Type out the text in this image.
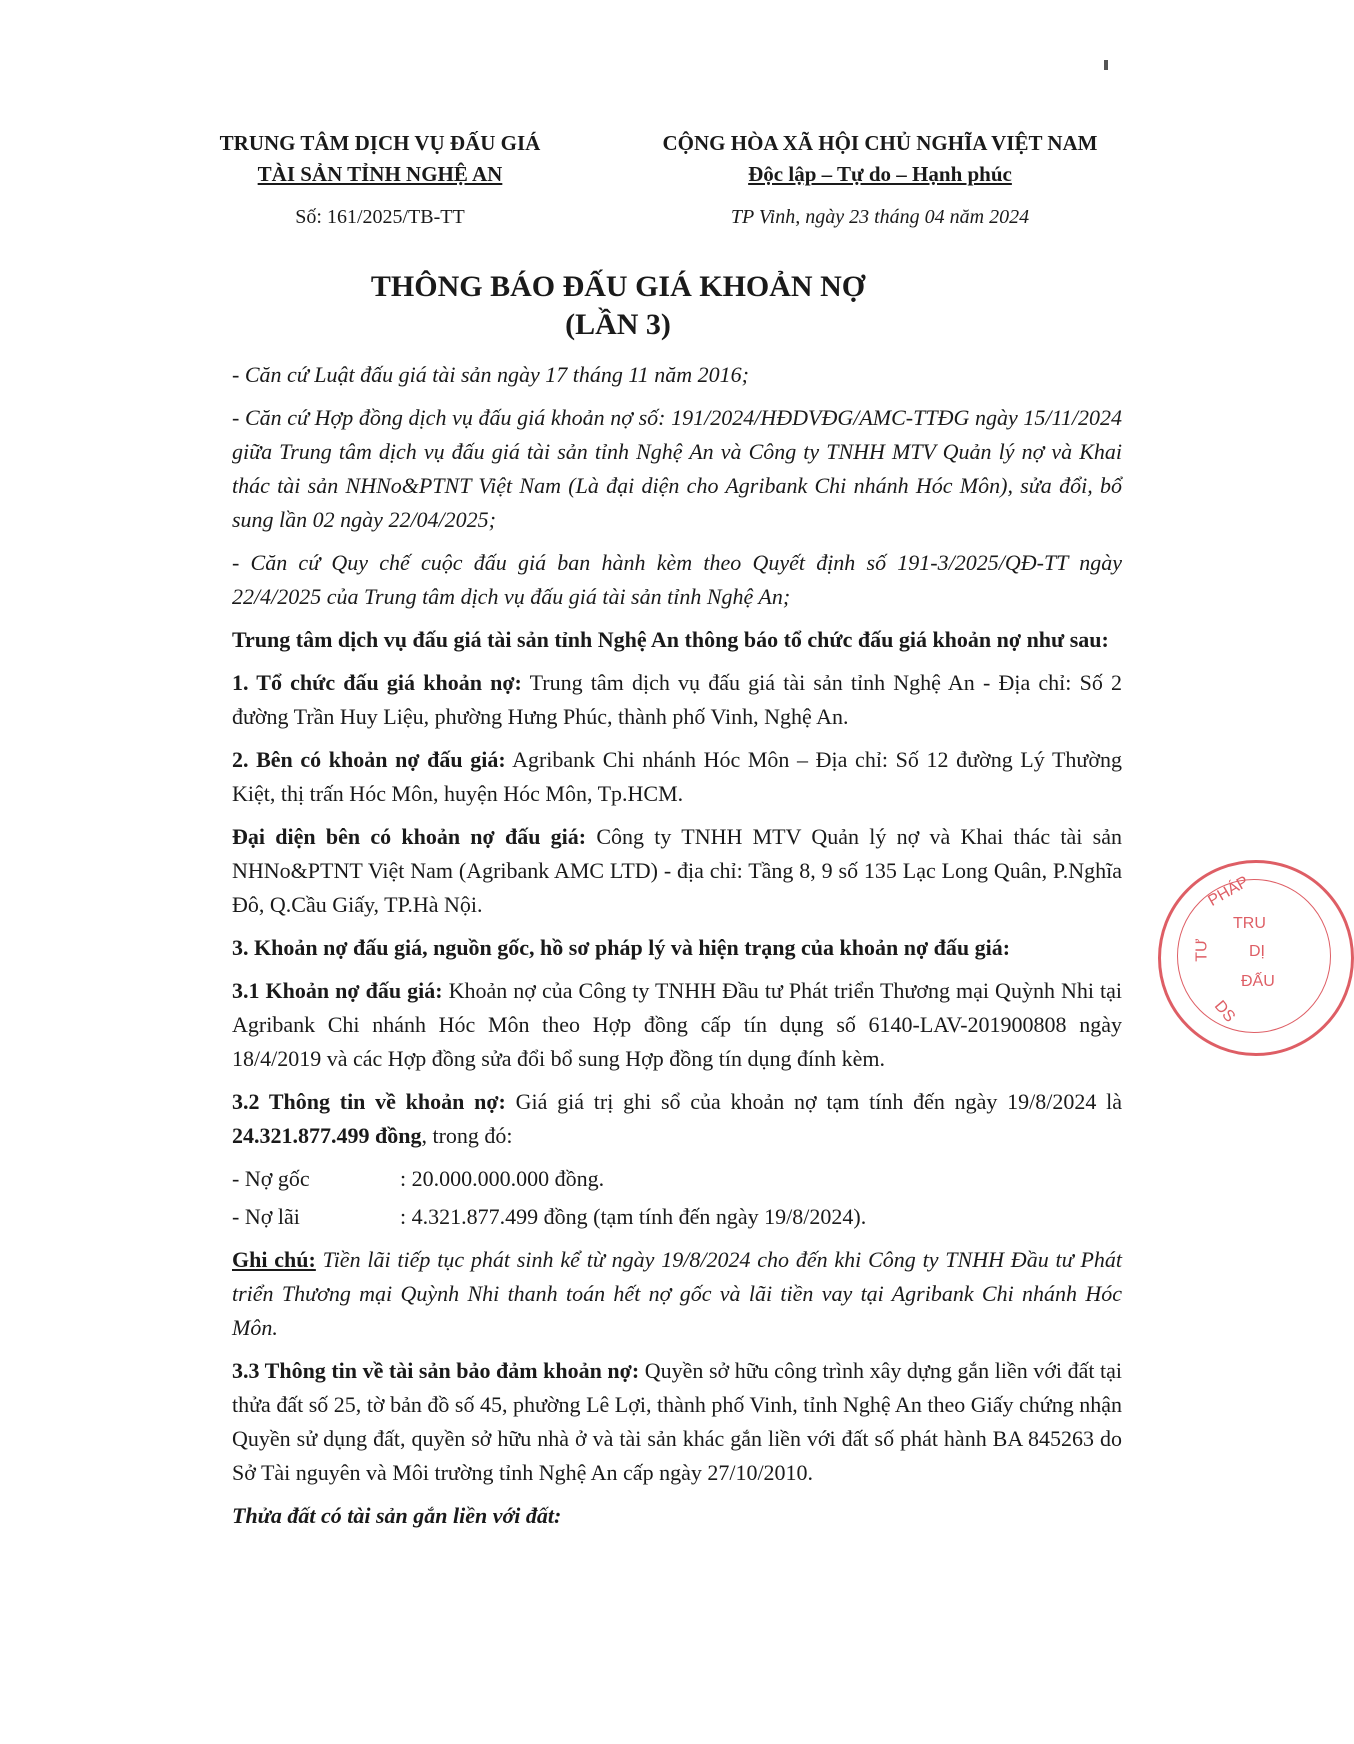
TRUNG TÂM DỊCH VỤ ĐẤU GIÁ

TÀI SẢN TỈNH NGHỆ AN

Số: 161/2025/TB-TT

CỘNG HÒA XÃ HỘI CHỦ NGHĨA VIỆT NAM

Độc lập – Tự do – Hạnh phúc

TP Vinh, ngày 23 tháng 04 năm 2024

THÔNG BÁO ĐẤU GIÁ KHOẢN NỢ
(LẦN 3)

- Căn cứ Luật đấu giá tài sản ngày 17 tháng 11 năm 2016;

- Căn cứ Hợp đồng dịch vụ đấu giá khoản nợ số: 191/2024/HĐDVĐG/AMC-TTĐG ngày 15/11/2024 giữa Trung tâm dịch vụ đấu giá tài sản tỉnh Nghệ An và Công ty TNHH MTV Quản lý nợ và Khai thác tài sản NHNo&PTNT Việt Nam (Là đại diện cho Agribank Chi nhánh Hóc Môn), sửa đổi, bổ sung lần 02 ngày 22/04/2025;

- Căn cứ Quy chế cuộc đấu giá ban hành kèm theo Quyết định số 191-3/2025/QĐ-TT ngày 22/4/2025 của Trung tâm dịch vụ đấu giá tài sản tỉnh Nghệ An;

Trung tâm dịch vụ đấu giá tài sản tỉnh Nghệ An thông báo tổ chức đấu giá khoản nợ như sau:

1. Tổ chức đấu giá khoản nợ: Trung tâm dịch vụ đấu giá tài sản tỉnh Nghệ An - Địa chỉ: Số 2 đường Trần Huy Liệu, phường Hưng Phúc, thành phố Vinh, Nghệ An.

2. Bên có khoản nợ đấu giá: Agribank Chi nhánh Hóc Môn – Địa chỉ: Số 12 đường Lý Thường Kiệt, thị trấn Hóc Môn, huyện Hóc Môn, Tp.HCM.

Đại diện bên có khoản nợ đấu giá: Công ty TNHH MTV Quản lý nợ và Khai thác tài sản NHNo&PTNT Việt Nam (Agribank AMC LTD) - địa chỉ: Tầng 8, 9 số 135 Lạc Long Quân, P.Nghĩa Đô, Q.Cầu Giấy, TP.Hà Nội.

3. Khoản nợ đấu giá, nguồn gốc, hồ sơ pháp lý và hiện trạng của khoản nợ đấu giá:

3.1 Khoản nợ đấu giá: Khoản nợ của Công ty TNHH Đầu tư Phát triển Thương mại Quỳnh Nhi tại Agribank Chi nhánh Hóc Môn theo Hợp đồng cấp tín dụng số 6140-LAV-201900808 ngày 18/4/2019 và các Hợp đồng sửa đổi bổ sung Hợp đồng tín dụng đính kèm.

3.2 Thông tin về khoản nợ: Giá giá trị ghi sổ của khoản nợ tạm tính đến ngày 19/8/2024 là 24.321.877.499 đồng, trong đó:

- Nợ gốc	: 20.000.000.000 đồng.

- Nợ lãi	: 4.321.877.499 đồng (tạm tính đến ngày 19/8/2024).

Ghi chú: Tiền lãi tiếp tục phát sinh kể từ ngày 19/8/2024 cho đến khi Công ty TNHH Đầu tư Phát triển Thương mại Quỳnh Nhi thanh toán hết nợ gốc và lãi tiền vay tại Agribank Chi nhánh Hóc Môn.

3.3 Thông tin về tài sản bảo đảm khoản nợ: Quyền sở hữu công trình xây dựng gắn liền với đất tại thửa đất số 25, tờ bản đồ số 45, phường Lê Lợi, thành phố Vinh, tỉnh Nghệ An theo Giấy chứng nhận Quyền sử dụng đất, quyền sở hữu nhà ở và tài sản khác gắn liền với đất số phát hành BA 845263 do Sở Tài nguyên và Môi trường tỉnh Nghệ An cấp ngày 27/10/2010.

Thửa đất có tài sản gắn liền với đất:

PHÁP
TRU
DỊ
ĐẤU
TƯ
DS
